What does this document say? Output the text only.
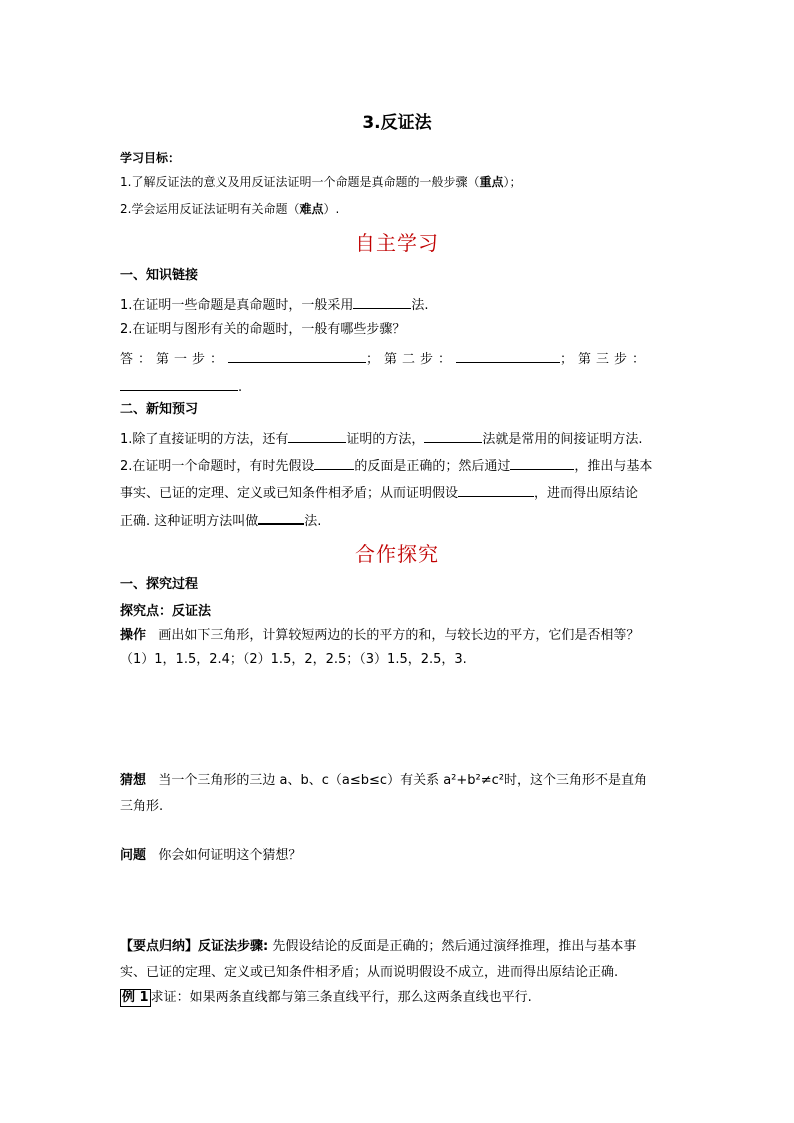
3.反证法
学习目标：
1.了解反证法的意义及用反证法证明一个命题是真命题的一般步骤（重点）；
2.学会运用反证法证明有关命题（难点）.
自主学习
一、知识链接
1.在证明一些命题是真命题时，一般采用	法.
2.在证明与图形有关的命题时，一般有哪些步骤？
答：第一步：	；第二步：	；第三步：
.
二、新知预习
1.除了直接证明的方法，还有	证明的方法，	法就是常用的间接证明方法.
2.在证明一个命题时，有时先假设	的反面是正确的；然后通过	，推出与基本
事实、已证的定理、定义或已知条件相矛盾；从而证明假设	，进而得出原结论
正确. 这种证明方法叫做	法.
合作探究
一、探究过程
探究点：反证法
操作 画出如下三角形，计算较短两边的长的平方的和，与较长边的平方，它们是否相等？
（1）1，1.5，2.4；（2）1.5，2，2.5；（3）1.5，2.5，3.
猜想 当一个三角形的三边 a、b、c（a≤b≤c）有关系 a²+b²≠c²时，这个三角形不是直角
三角形.
问题 你会如何证明这个猜想？
【要点归纳】反证法步骤: 先假设结论的反面是正确的；然后通过演绎推理，推出与基本事
实、已证的定理、定义或已知条件相矛盾；从而说明假设不成立，进而得出原结论正确.
例 1 求证：如果两条直线都与第三条直线平行，那么这两条直线也平行.
